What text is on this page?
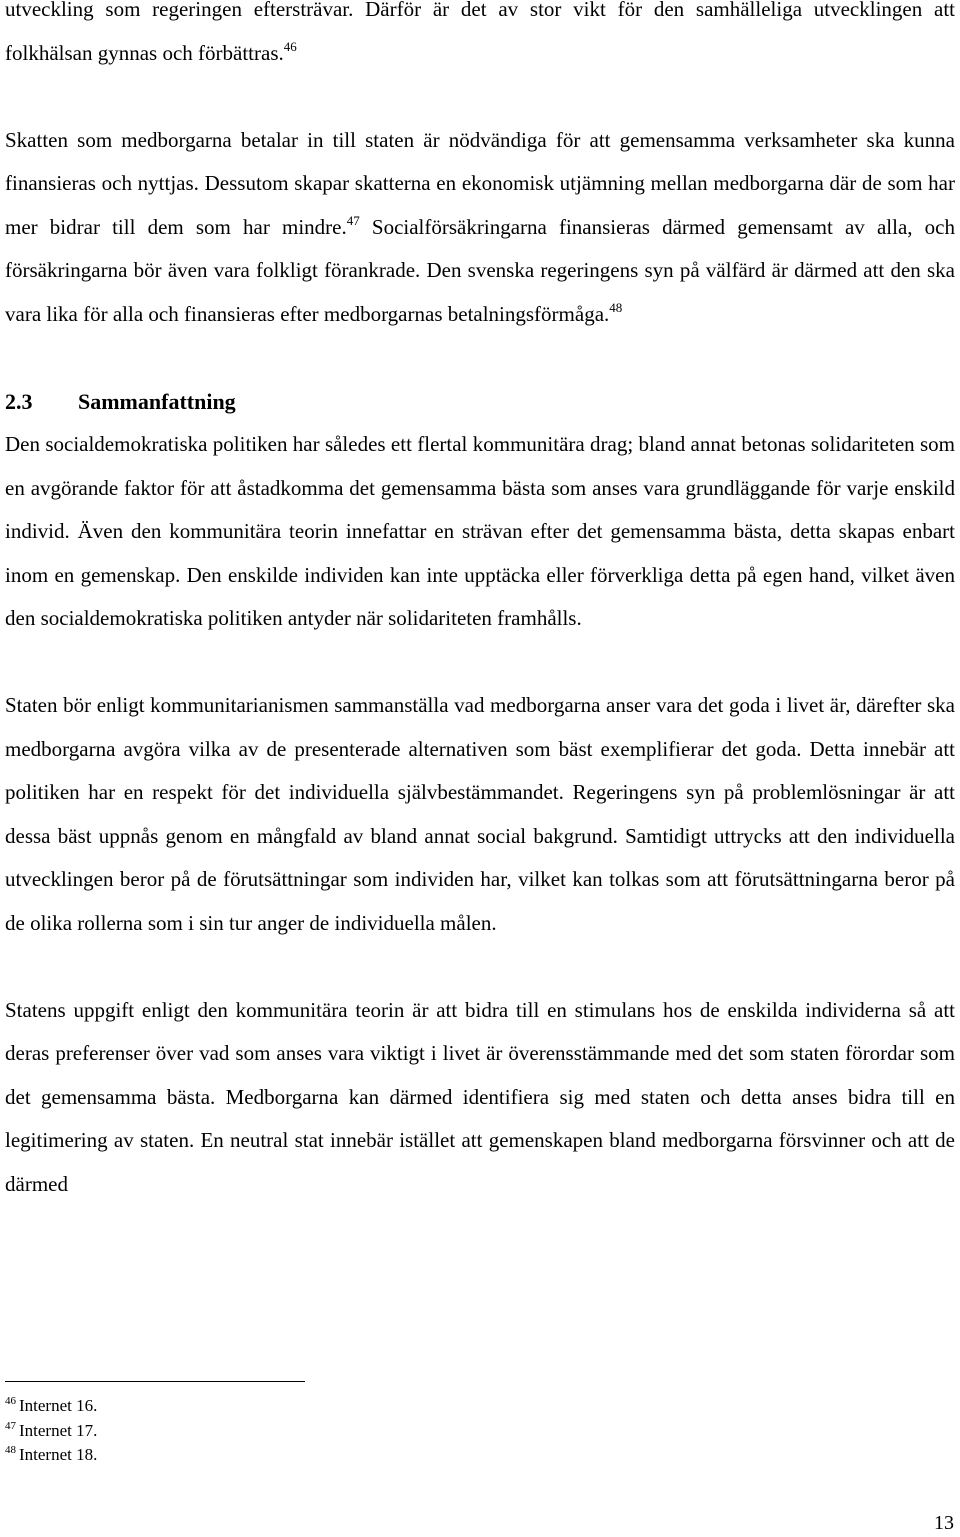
utveckling som regeringen eftersträvar. Därför är det av stor vikt för den samhälleliga utvecklingen att folkhälsan gynnas och förbättras.$^{46}$

Skatten som medborgarna betalar in till staten är nödvändiga för att gemensamma verksamheter ska kunna finansieras och nyttjas. Dessutom skapar skatterna en ekonomisk utjämning mellan medborgarna där de som har mer bidrar till dem som har mindre.$^{47}$ Socialförsäkringarna finansieras därmed gemensamt av alla, och försäkringarna bör även vara folkligt förankrade. Den svenska regeringens syn på välfärd är därmed att den ska vara lika för alla och finansieras efter medborgarnas betalningsförmåga.$^{48}$

2.3 Sammanfattning

Den socialdemokratiska politiken har således ett flertal kommunitära drag; bland annat betonas solidariteten som en avgörande faktor för att åstadkomma det gemensamma bästa som anses vara grundläggande för varje enskild individ. Även den kommunitära teorin innefattar en strävan efter det gemensamma bästa, detta skapas enbart inom en gemenskap. Den enskilde individen kan inte upptäcka eller förverkliga detta på egen hand, vilket även den socialdemokratiska politiken antyder när solidariteten framhålls.

Staten bör enligt kommunitarianismen sammanställa vad medborgarna anser vara det goda i livet är, därefter ska medborgarna avgöra vilka av de presenterade alternativen som bäst exemplifierar det goda. Detta innebär att politiken har en respekt för det individuella självbestämmandet. Regeringens syn på problemlösningar är att dessa bäst uppnås genom en mångfald av bland annat social bakgrund. Samtidigt uttrycks att den individuella utvecklingen beror på de förutsättningar som individen har, vilket kan tolkas som att förutsättningarna beror på de olika rollerna som i sin tur anger de individuella målen.

Statens uppgift enligt den kommunitära teorin är att bidra till en stimulans hos de enskilda individerna så att deras preferenser över vad som anses vara viktigt i livet är överensstämmande med det som staten förordar som det gemensamma bästa. Medborgarna kan därmed identifiera sig med staten och detta anses bidra till en legitimering av staten. En neutral stat innebär istället att gemenskapen bland medborgarna försvinner och att de därmed

$^{46}$ Internet 16.
$^{47}$ Internet 17.
$^{48}$ Internet 18.
13
